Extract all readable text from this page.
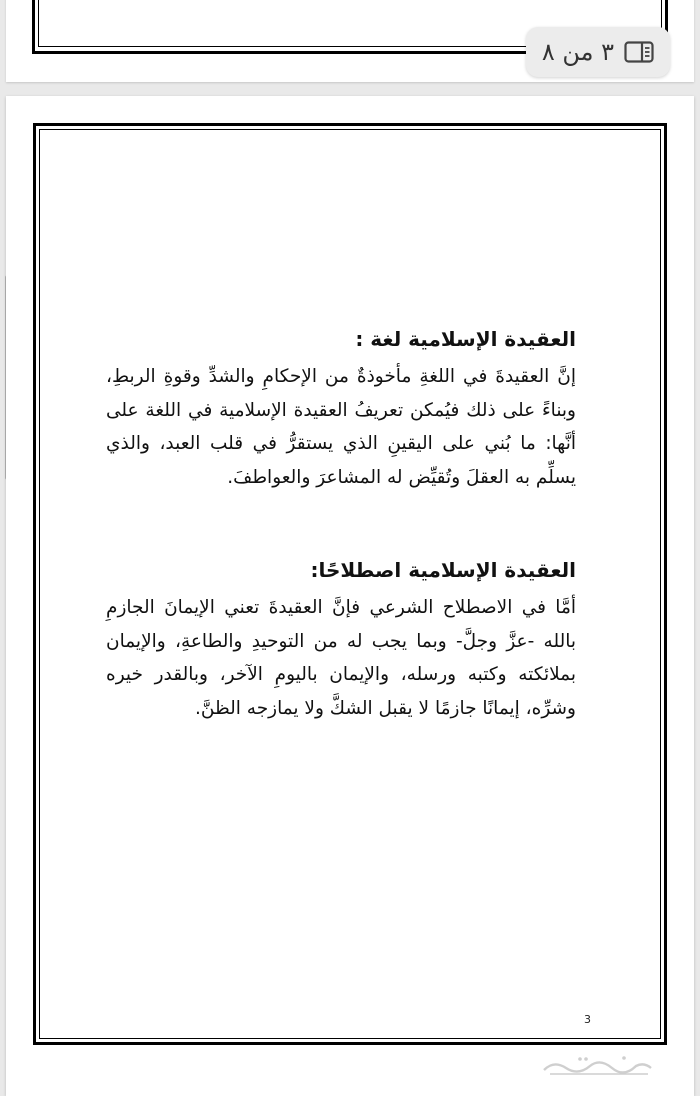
٣ من ٨
العقيدة الإسلامية لغة :

إنَّ العقيدةَ في اللغةِ مأخوذةٌ من الإحكامِ والشدِّ وقوةِ الربطِ، وبناءً على ذلك فيُمكن تعريفُ العقيدة الإسلامية في اللغة على أنَّها: ما بُني على اليقينِ الذي يستقرُّ في قلب العبد، والذي يسلِّم به العقلَ وتُقيِّض له المشاعرَ والعواطفَ.

العقيدة الإسلامية اصطلاحًا:

أمَّا في الاصطلاح الشرعي فإنَّ العقيدةَ تعني الإيمانَ الجازمِ بالله -عزَّ وجلَّ- وبما يجب له من التوحيدِ والطاعةِ، والإيمان بملائكته وكتبه ورسله، والإيمان باليومِ الآخر، وبالقدر خيره وشرِّه، إيمانًا جازمًا لا يقبل الشكَّ ولا يمازجه الظنَّ.

3
